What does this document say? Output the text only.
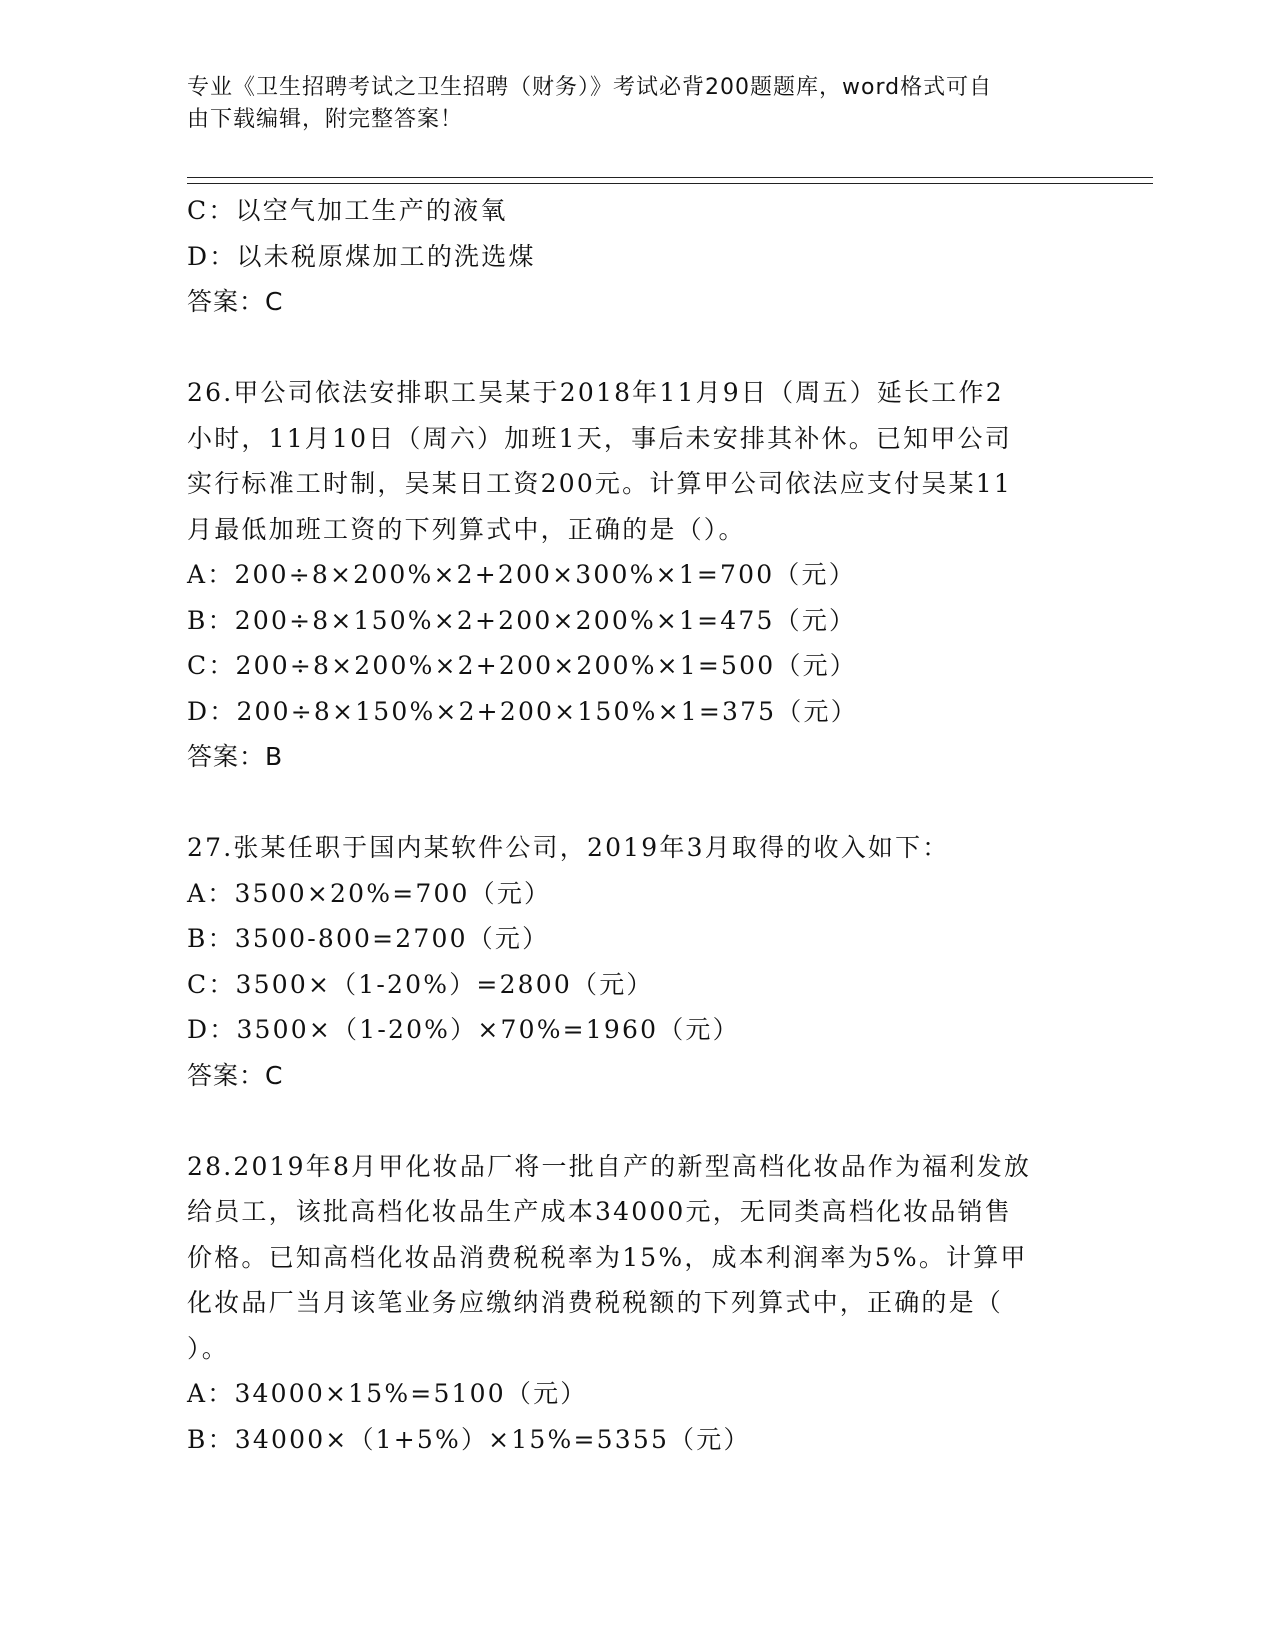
专业《卫生招聘考试之卫生招聘（财务）》考试必背200题题库，word格式可自
由下载编辑，附完整答案！
C：以空气加工生产的液氧
D：以未税原煤加工的洗选煤
答案：C
26.甲公司依法安排职工吴某于2018年11月9日（周五）延长工作2
小时，11月10日（周六）加班1天，事后未安排其补休。已知甲公司
实行标准工时制，吴某日工资200元。计算甲公司依法应支付吴某11
月最低加班工资的下列算式中，正确的是（）。
A：200÷8×200%×2+200×300%×1=700（元）
B：200÷8×150%×2+200×200%×1=475（元）
C：200÷8×200%×2+200×200%×1=500（元）
D：200÷8×150%×2+200×150%×1=375（元）
答案：B
27.张某任职于国内某软件公司，2019年3月取得的收入如下：
A：3500×20%=700（元）
B：3500-800=2700（元）
C：3500×（1-20%）=2800（元）
D：3500×（1-20%）×70%=1960（元）
答案：C
28.2019年8月甲化妆品厂将一批自产的新型高档化妆品作为福利发放
给员工，该批高档化妆品生产成本34000元，无同类高档化妆品销售
价格。已知高档化妆品消费税税率为15%，成本利润率为5%。计算甲
化妆品厂当月该笔业务应缴纳消费税税额的下列算式中，正确的是（
）。
A：34000×15%=5100（元）
B：34000×（1+5%）×15%=5355（元）
